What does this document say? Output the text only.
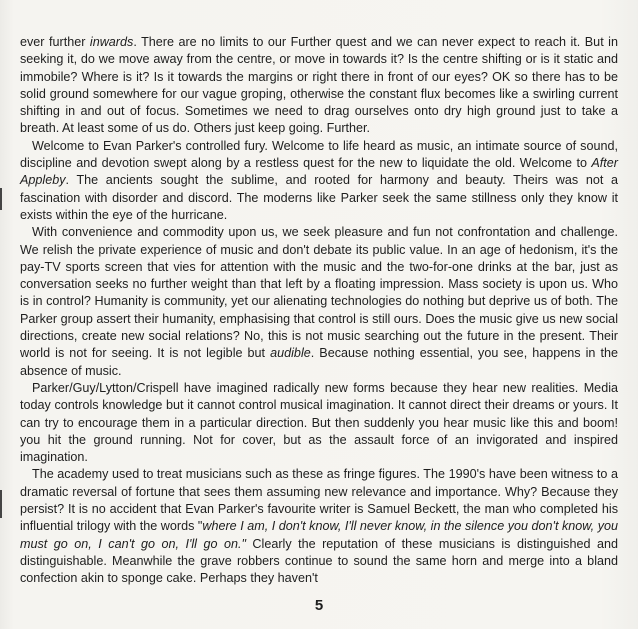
ever further inwards. There are no limits to our Further quest and we can never expect to reach it. But in seeking it, do we move away from the centre, or move in towards it? Is the centre shifting or is it static and immobile? Where is it? Is it towards the margins or right there in front of our eyes? OK so there has to be solid ground somewhere for our vague groping, otherwise the constant flux becomes like a swirling current shifting in and out of focus. Sometimes we need to drag ourselves onto dry high ground just to take a breath. At least some of us do. Others just keep going. Further.

Welcome to Evan Parker's controlled fury. Welcome to life heard as music, an intimate source of sound, discipline and devotion swept along by a restless quest for the new to liquidate the old. Welcome to After Appleby. The ancients sought the sublime, and rooted for harmony and beauty. Theirs was not a fascination with disorder and discord. The moderns like Parker seek the same stillness only they know it exists within the eye of the hurricane.

With convenience and commodity upon us, we seek pleasure and fun not confrontation and challenge. We relish the private experience of music and don't debate its public value. In an age of hedonism, it's the pay-TV sports screen that vies for attention with the music and the two-for-one drinks at the bar, just as conversation seeks no further weight than that left by a floating impression. Mass society is upon us. Who is in control? Humanity is community, yet our alienating technologies do nothing but deprive us of both. The Parker group assert their humanity, emphasising that control is still ours. Does the music give us new social directions, create new social relations? No, this is not music searching out the future in the present. Their world is not for seeing. It is not legible but audible. Because nothing essential, you see, happens in the absence of music.

Parker/Guy/Lytton/Crispell have imagined radically new forms because they hear new realities. Media today controls knowledge but it cannot control musical imagination. It cannot direct their dreams or yours. It can try to encourage them in a particular direction. But then suddenly you hear music like this and boom! you hit the ground running. Not for cover, but as the assault force of an invigorated and inspired imagination.

The academy used to treat musicians such as these as fringe figures. The 1990's have been witness to a dramatic reversal of fortune that sees them assuming new relevance and importance. Why? Because they persist? It is no accident that Evan Parker's favourite writer is Samuel Beckett, the man who completed his influential trilogy with the words "where I am, I don't know, I'll never know, in the silence you don't know, you must go on, I can't go on, I'll go on." Clearly the reputation of these musicians is distinguished and distinguishable. Meanwhile the grave robbers continue to sound the same horn and merge into a bland confection akin to sponge cake. Perhaps they haven't

5
